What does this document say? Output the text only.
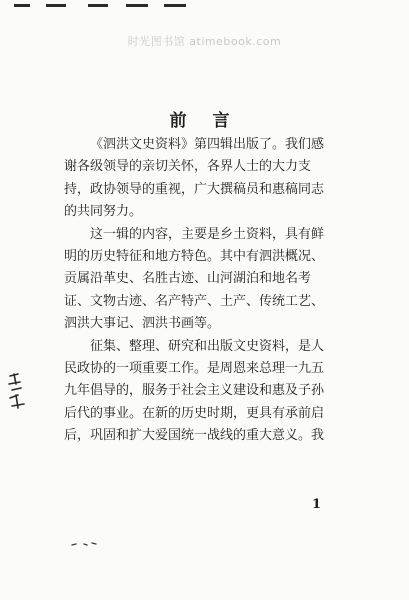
时光图书馆 atimebook.com
前 言

《泗洪文史资料》第四辑出版了。我们感

谢各级领导的亲切关怀，各界人士的大力支

持，政协领导的重视，广大撰稿员和惠稿同志

的共同努力。

这一辑的内容，主要是乡土资料，具有鲜

明的历史特征和地方特色。其中有泗洪概况、

贡属沿革史、名胜古迹、山河湖泊和地名考

证、文物古迹、名产特产、土产、传统工艺、

泗洪大事记、泗洪书画等。

征集、整理、研究和出版文史资料，是人

民政协的一项重要工作。是周恩来总理一九五

九年倡导的，服务于社会主义建设和惠及子孙

后代的事业。在新的历史时期，更具有承前启

后，巩固和扩大爱国统一战线的重大意义。我

1
